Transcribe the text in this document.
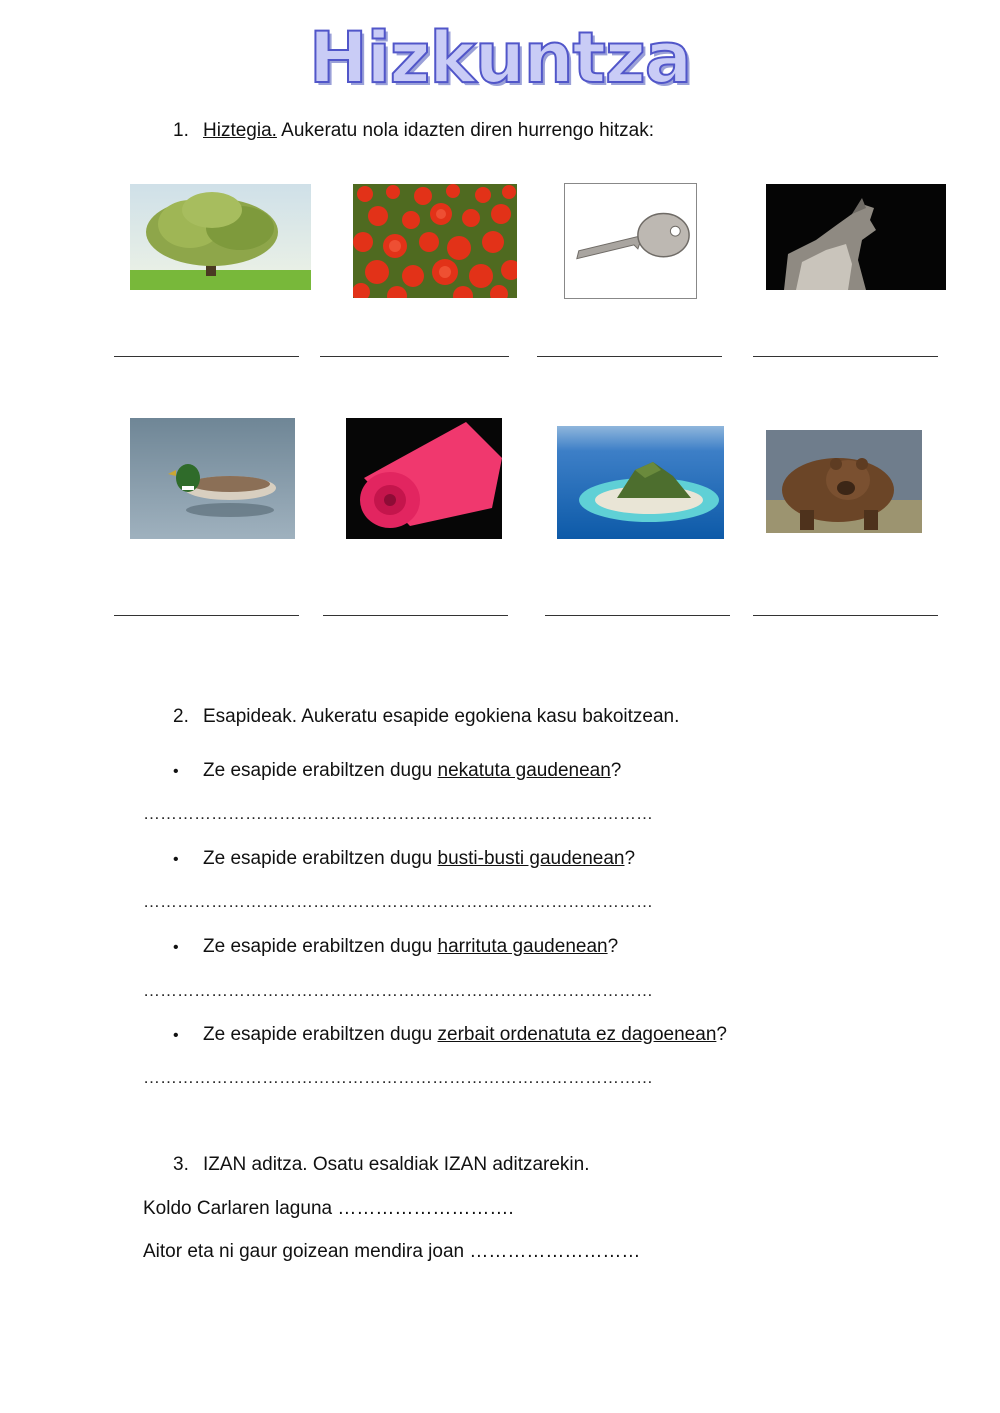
Hizkuntza
1. Hiztegia. Aukeratu nola idazten diren hurrengo hitzak:
2. Esapideak. Aukeratu esapide egokiena kasu bakoitzean.
• Ze esapide erabiltzen dugu nekatuta gaudenean?
………………………………………………………………………………
• Ze esapide erabiltzen dugu busti-busti gaudenean?
………………………………………………………………………………
• Ze esapide erabiltzen dugu harrituta gaudenean?
………………………………………………………………………………
• Ze esapide erabiltzen dugu zerbait ordenatuta ez dagoenean?
………………………………………………………………………………
3. IZAN aditza. Osatu esaldiak IZAN aditzarekin.
Koldo Carlaren laguna ……………………….
Aitor eta ni gaur goizean mendira joan ………………………
